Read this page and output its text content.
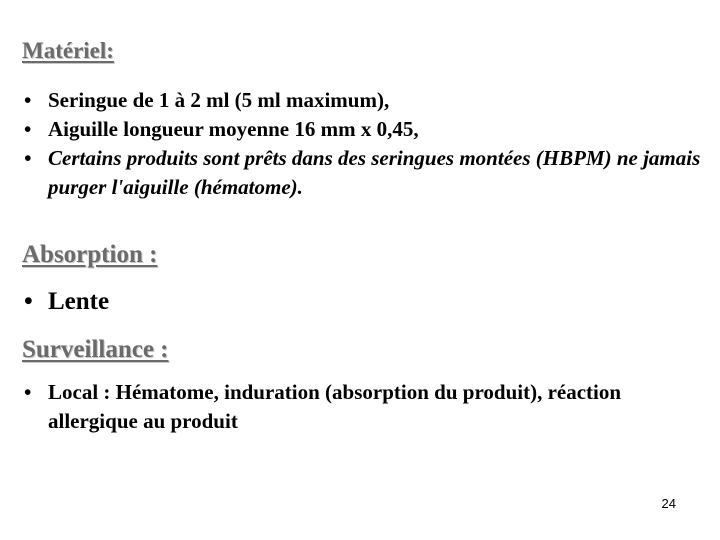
Matériel:
• Seringue de 1 à 2 ml (5 ml maximum),
• Aiguille longueur moyenne 16 mm x 0,45,
• Certains produits sont prêts dans des seringues montées (HBPM) ne jamais purger l'aiguille (hématome).
Absorption :
• Lente
Surveillance :
• Local : Hématome, induration (absorption du produit), réaction allergique au produit
24
